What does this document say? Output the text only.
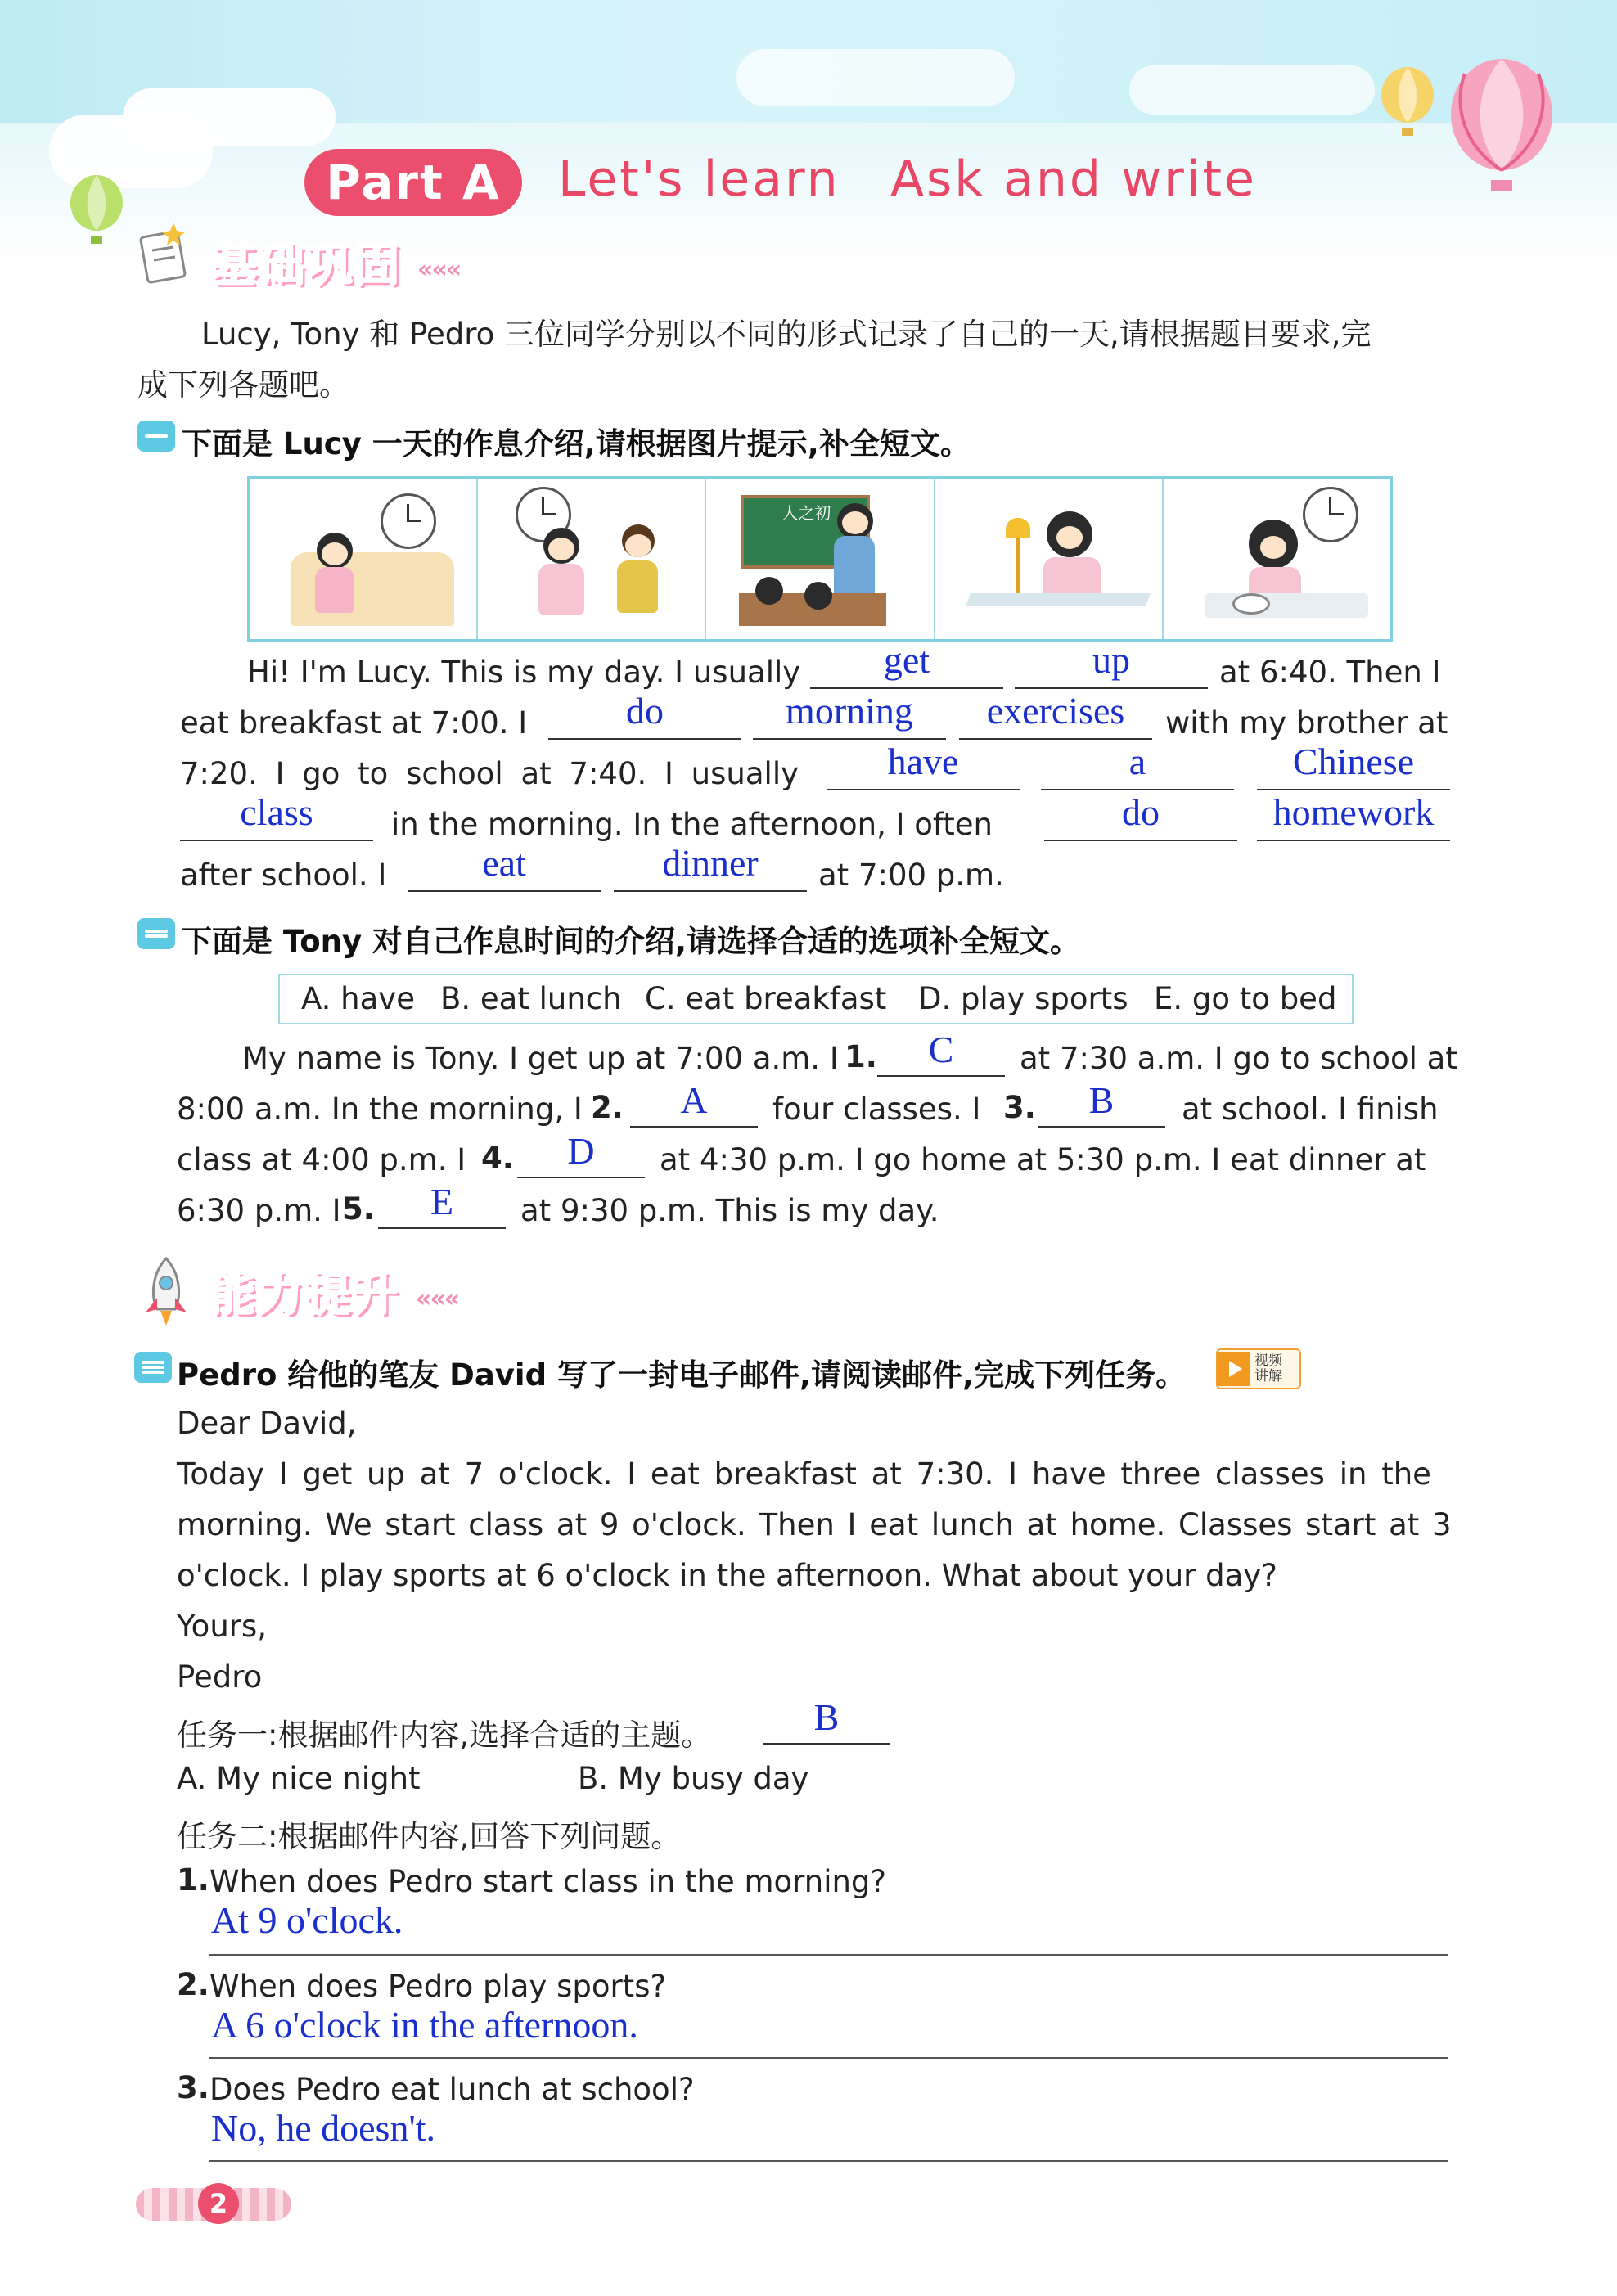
Part A	Let's learn Ask and write
基础巩固 «««
Lucy, Tony 和 Pedro 三位同学分别以不同的形式记录了自己的一天,请根据题目要求,完
成下列各题吧。
下面是 Lucy 一天的作息介绍,请根据图片提示,补全短文。
人之初
Hi! I'm Lucy. This is my day. I usually	get	up	at 6:40. Then I
eat breakfast at 7:00. I	do	morning	exercises	with my brother at
7:20. I go to school at 7:40. I usually	have	a	Chinese
class	in the morning. In the afternoon, I often	do	homework
after school. I	eat	dinner	at 7:00 p.m.
下面是 Tony 对自己作息时间的介绍,请选择合适的选项补全短文。
A. have B. eat lunch C. eat breakfast D. play sports E. go to bed
My name is Tony. I get up at 7:00 a.m. I 1.	C	at 7:30 a.m. I go to school at
8:00 a.m. In the morning, I 2.	A	four classes. I 3.	B	at school. I finish
class at 4:00 p.m. I 4.	D	at 4:30 p.m. I go home at 5:30 p.m. I eat dinner at
6:30 p.m. I 5.	E	at 9:30 p.m. This is my day.
能力提升 «««
Pedro 给他的笔友 David 写了一封电子邮件,请阅读邮件,完成下列任务。	视频
讲解
Dear David,
Today I get up at 7 o'clock. I eat breakfast at 7:30. I have three classes in the
morning. We start class at 9 o'clock. Then I eat lunch at home. Classes start at 3
o'clock. I play sports at 6 o'clock in the afternoon. What about your day?
Yours,
Pedro
任务一:根据邮件内容,选择合适的主题。	B
A. My nice night	B. My busy day
任务二:根据邮件内容,回答下列问题。
1. When does Pedro start class in the morning?
At 9 o'clock.
2. When does Pedro play sports?
A 6 o'clock in the afternoon.
3. Does Pedro eat lunch at school?
No, he doesn't.
2
